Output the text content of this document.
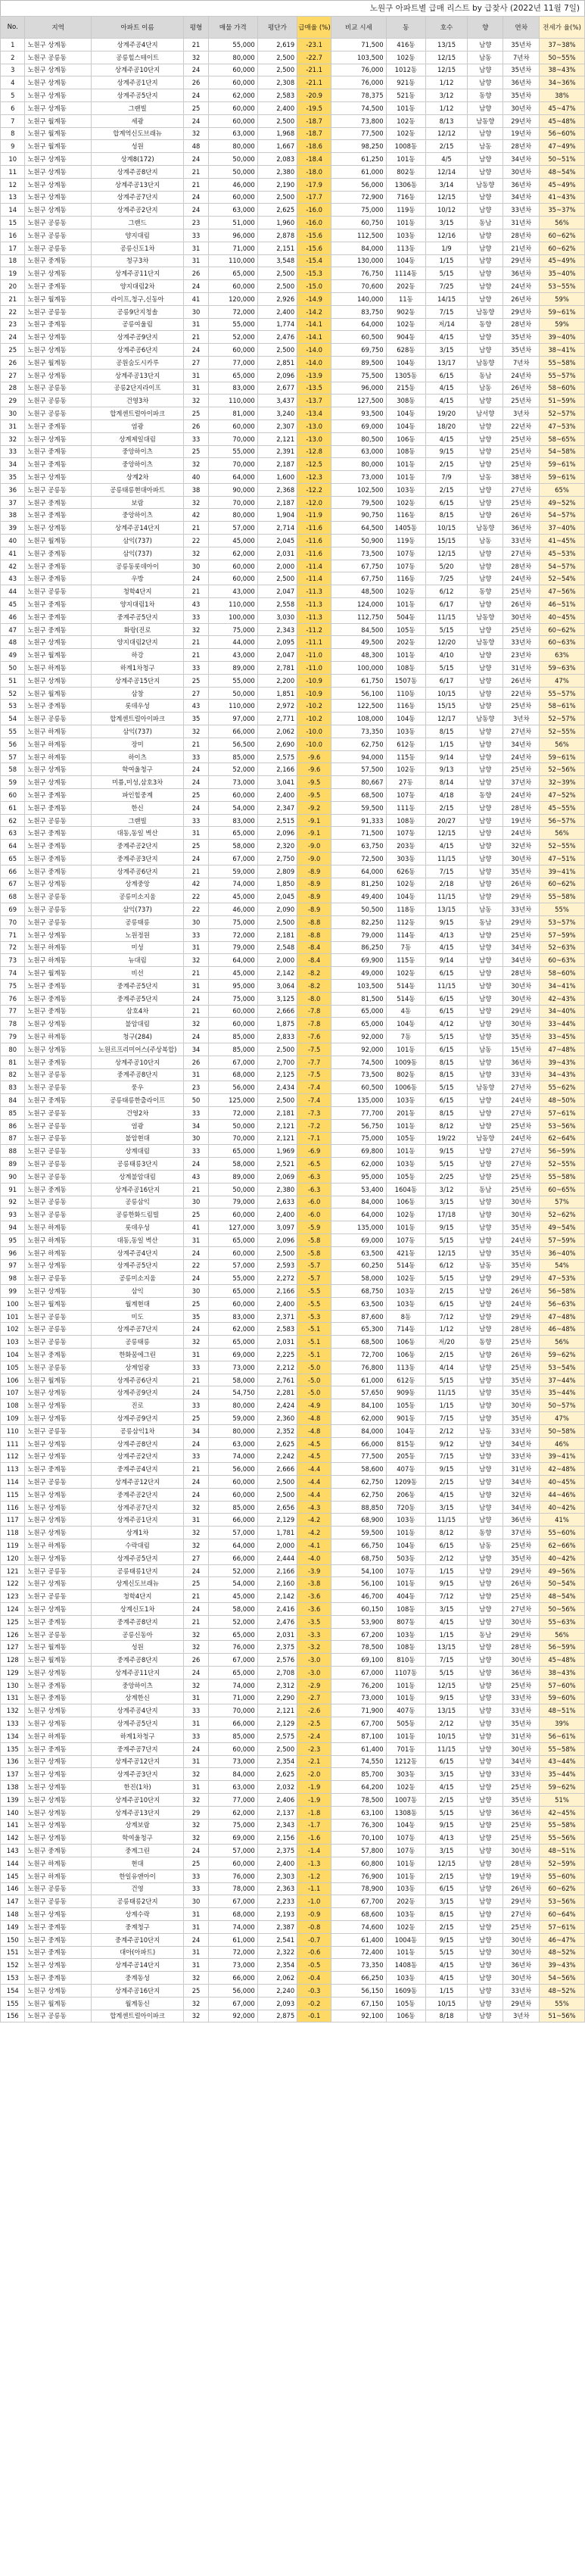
노원구 아파트별 급매 리스트 by 급찾사 (2022년 11월 7일)
No.	지역	아파트 이름	평형	매물 가격	평단가	급매율 (%)	비교 시세	동	호수	향	연차	전세가 율(%)
1	노원구 상계동	상계주공4단지	21	55,000	2,619	-23.1	71,500	416동	13/15	남향	35년차	37~38%
2	노원구 공릉동	공릉힐스테이트	32	80,000	2,500	-22.7	103,500	102동	12/15	남동	7년차	50~55%
3	노원구 상계동	상계주공10단지	24	60,000	2,500	-21.1	76,000	1012동	12/15	남향	35년차	38~43%
4	노원구 상계동	상계주공1단지	26	60,000	2,308	-21.1	76,000	921동	1/12	남향	36년차	34~36%
5	노원구 상계동	상계주공5단지	24	62,000	2,583	-20.9	78,375	521동	3/12	동향	35년차	38%
6	노원구 상계동	그랜빌	25	60,000	2,400	-19.5	74,500	101동	1/12	남향	30년차	45~47%
7	노원구 월계동	세광	24	60,000	2,500	-18.7	73,800	102동	8/13	남동향	29년차	45~48%
8	노원구 월계동	합계역신도브래뉴	32	63,000	1,968	-18.7	77,500	102동	12/12	남향	19년차	56~60%
9	노원구 월계동	성원	48	80,000	1,667	-18.6	98,250	1008동	2/15	남동	28년차	47~49%
10	노원구 상계동	상계8(172)	24	50,000	2,083	-18.4	61,250	101동	4/5	남향	34년차	50~51%
11	노원구 상계동	상계주공8단지	21	50,000	2,380	-18.0	61,000	802동	12/14	남향	30년차	48~54%
12	노원구 상계동	상계주공13단지	21	46,000	2,190	-17.9	56,000	1306동	3/14	남동향	36년차	45~49%
13	노원구 상계동	상계주공7단지	24	60,000	2,500	-17.7	72,900	716동	12/15	남향	34년차	41~43%
14	노원구 상계동	상계주공2단지	24	63,000	2,625	-16.0	75,000	119동	10/12	남향	33년차	35~37%
15	노원구 공릉동	그랜드	23	51,000	1,960	-16.0	60,750	101동	3/15	동남	31년차	56%
16	노원구 공릉동	양지대림	33	96,000	2,878	-15.6	112,500	103동	12/16	남향	28년차	60~62%
17	노원구 공릉동	공릉신도1차	31	71,000	2,151	-15.6	84,000	113동	1/9	남향	21년차	60~62%
18	노원구 중계동	청구3차	31	110,000	3,548	-15.4	130,000	104동	1/15	남향	29년차	45~49%
19	노원구 상계동	상계주공11단지	26	65,000	2,500	-15.3	76,750	1114동	5/15	남향	36년차	35~40%
20	노원구 중계동	양지대림2차	24	60,000	2,500	-15.0	70,600	202동	7/25	남향	24년차	53~55%
21	노원구 월계동	라이프,청구,신동아	41	120,000	2,926	-14.9	140,000	11동	14/15	남향	26년차	59%
22	노원구 공릉동	공릉9단지청솔	30	72,000	2,400	-14.2	83,750	902동	7/15	남동향	29년차	59~61%
23	노원구 중계동	공릉여울림	31	55,000	1,774	-14.1	64,000	102동	저/14	동향	28년차	59%
24	노원구 상계동	상계주공9단지	21	52,000	2,476	-14.1	60,500	904동	4/15	남향	35년차	39~40%
25	노원구 상계동	상계주공6단지	24	60,000	2,500	-14.0	69,750	628동	3/15	남향	35년차	38~41%
26	노원구 월계동	공원숨도시카루	27	77,000	2,851	-14.0	89,500	104동	13/17	남동향	7년차	55~58%
27	노원구 상계동	상계주공13단지	31	65,000	2,096	-13.9	75,500	1305동	6/15	동남	24년차	55~57%
28	노원구 공릉동	공릉2단지라이프	31	83,000	2,677	-13.5	96,000	215동	4/15	남동	26년차	58~60%
29	노원구 공릉동	건영3차	32	110,000	3,437	-13.7	127,500	308동	4/15	남향	25년차	51~59%
30	노원구 공릉동	합계센트럴아이파크	25	81,000	3,240	-13.4	93,500	104동	19/20	남서향	3년차	52~57%
31	노원구 중계동	염광	26	60,000	2,307	-13.0	69,000	104동	18/20	남향	22년차	47~53%
32	노원구 상계동	상계제일대림	33	70,000	2,121	-13.0	80,500	106동	4/15	남향	25년차	58~65%
33	노원구 중계동	중앙하이츠	25	55,000	2,391	-12.8	63,000	108동	9/15	남향	25년차	54~58%
34	노원구 중계동	중앙하이츠	32	70,000	2,187	-12.5	80,000	101동	2/15	남향	25년차	59~61%
35	노원구 상계동	상계2차	40	64,000	1,600	-12.3	73,000	101동	7/9	남동	38년차	59~61%
36	노원구 공릉동	공릉태릉현대아파트	38	90,000	2,368	-12.2	102,500	103동	2/15	남향	27년차	65%
37	노원구 중계동	보람	32	70,000	2,187	-12.0	79,500	102동	6/15	남향	25년차	49~52%
38	노원구 중계동	중앙하이츠	42	80,000	1,904	-11.9	90,750	116동	8/15	남향	26년차	54~57%
39	노원구 상계동	상계주공14단지	21	57,000	2,714	-11.6	64,500	1405동	10/15	남동향	36년차	37~40%
40	노원구 월계동	삼익(737)	22	45,000	2,045	-11.6	50,900	119동	15/15	남동	33년차	41~45%
41	노원구 중계동	삼익(737)	32	62,000	2,031	-11.6	73,500	107동	12/15	남향	27년차	45~53%
42	노원구 중계동	공릉동롯데아이	30	60,000	2,000	-11.4	67,750	107동	5/20	남향	28년차	54~57%
43	노원구 중계동	우방	24	60,000	2,500	-11.4	67,750	116동	7/25	남향	24년차	52~54%
44	노원구 공릉동	청학4단지	21	43,000	2,047	-11.3	48,500	102동	6/12	동향	25년차	47~56%
45	노원구 중계동	양지대림1차	43	110,000	2,558	-11.3	124,000	101동	6/17	남향	26년차	46~51%
46	노원구 중계동	중계주공5단지	33	100,000	3,030	-11.3	112,750	504동	11/15	남동향	30년차	40~45%
47	노원구 중계동	화랑(진로	32	75,000	2,343	-11.2	84,500	105동	5/15	남향	25년차	60~62%
48	노원구 상계동	양지대림2단지	21	44,000	2,095	-11.1	49,500	202동	12/20	남동향	33년차	60~63%
49	노원구 월계동	하강	21	43,000	2,047	-11.0	48,300	101동	4/10	남향	23년차	63%
50	노원구 하계동	하계1차청구	33	89,000	2,781	-11.0	100,000	108동	5/15	남향	31년차	59~63%
51	노원구 상계동	상계주공15단지	25	55,000	2,200	-10.9	61,750	1507동	6/17	남향	26년차	47%
52	노원구 월계동	삼창	27	50,000	1,851	-10.9	56,100	110동	10/15	남향	22년차	55~57%
53	노원구 중계동	롯데우성	43	110,000	2,972	-10.2	122,500	116동	15/15	남향	25년차	58~61%
54	노원구 공릉동	합계센트럴아이파크	35	97,000	2,771	-10.2	108,000	104동	12/17	남동향	3년차	52~57%
55	노원구 하계동	삼익(737)	32	66,000	2,062	-10.0	73,350	103동	8/15	남향	27년차	52~55%
56	노원구 하계동	장미	21	56,500	2,690	-10.0	62,750	612동	1/15	남향	34년차	56%
57	노원구 하계동	하이츠	33	85,000	2,575	-9.6	94,000	115동	9/14	남향	24년차	59~61%
58	노원구 상계동	학여울청구	24	52,000	2,166	-9.6	57,500	102동	9/13	남향	25년차	52~56%
59	노원구 상계동	미륭,미성,삼호3차	24	73,000	3,041	-9.5	80,667	27동	8/14	남향	37년차	32~39%
60	노원구 중계동	파인힐중계	25	60,000	2,400	-9.5	68,500	107동	4/18	동향	24년차	47~52%
61	노원구 중계동	한신	24	54,000	2,347	-9.2	59,500	111동	2/15	남향	28년차	45~55%
62	노원구 공릉동	그랜빌	33	83,000	2,515	-9.1	91,333	108동	20/27	남향	19년차	56~57%
63	노원구 중계동	대동,동일 벽산	31	65,000	2,096	-9.1	71,500	107동	12/15	남향	24년차	56%
64	노원구 중계동	중계주공2단지	25	58,000	2,320	-9.0	63,750	203동	4/15	남향	32년차	52~55%
65	노원구 중계동	중계주공3단지	24	67,000	2,750	-9.0	72,500	303동	11/15	남향	30년차	47~51%
66	노원구 중계동	상계주공6단지	21	59,000	2,809	-8.9	64,000	626동	7/15	남향	35년차	39~41%
67	노원구 상계동	상계중앙	42	74,000	1,850	-8.9	81,250	102동	2/18	남향	26년차	60~62%
68	노원구 공릉동	공릉미소지움	22	45,000	2,045	-8.9	49,400	104동	11/15	남향	29년차	55~58%
69	노원구 공릉동	삼익(737)	22	46,000	2,090	-8.9	50,500	118동	13/15	남동	33년차	55%
70	노원구 공릉동	공릉태릉	30	75,000	2,500	-8.8	82,250	112동	9/15	동남	29년차	53~57%
71	노원구 상계동	노원정원	33	72,000	2,181	-8.8	79,000	114동	4/13	남향	25년차	57~59%
72	노원구 하계동	미성	31	79,000	2,548	-8.4	86,250	7동	4/15	남향	34년차	52~63%
73	노원구 하계동	뉴대림	32	64,000	2,000	-8.4	69,900	115동	9/14	남향	34년차	60~63%
74	노원구 월계동	비선	21	45,000	2,142	-8.2	49,000	102동	6/15	남향	28년차	58~60%
75	노원구 중계동	중계주공5단지	31	95,000	3,064	-8.2	103,500	514동	11/15	남향	30년차	34~41%
76	노원구 중계동	중계주공5단지	24	75,000	3,125	-8.0	81,500	514동	6/15	남향	30년차	42~43%
77	노원구 중계동	삼호4차	21	60,000	2,666	-7.8	65,000	4동	6/15	남향	29년차	34~40%
78	노원구 상계동	불암대림	32	60,000	1,875	-7.8	65,000	104동	4/12	남향	30년차	33~44%
79	노원구 하계동	청구(284)	24	85,000	2,833	-7.6	92,000	7동	5/15	남향	35년차	33~45%
80	노원구 상계동	노원르프리미어스(주상복합)	34	85,000	2,500	-7.5	92,000	101동	6/15	남동	15년차	47~48%
81	노원구 중계동	상계주공10단지	26	67,000	2,700	-7.7	74,500	1009동	8/15	남향	36년차	39~43%
82	노원구 공릉동	중계주공8단지	31	68,000	2,125	-7.5	73,500	802동	8/15	남향	33년차	34~43%
83	노원구 공릉동	풍우	23	56,000	2,434	-7.4	60,500	1006동	5/15	남동향	27년차	55~62%
84	노원구 중계동	공릉태릉한출라이프	50	125,000	2,500	-7.4	135,000	103동	6/15	남향	24년차	48~50%
85	노원구 공릉동	건영2차	33	72,000	2,181	-7.3	77,700	201동	8/15	남향	27년차	57~61%
86	노원구 공릉동	염광	34	50,000	2,121	-7.2	56,750	101동	8/12	남향	25년차	53~56%
87	노원구 공릉동	불암현대	30	70,000	2,121	-7.1	75,000	105동	19/22	남동향	24년차	62~64%
88	노원구 공릉동	상계대림	33	65,000	1,969	-6.9	69,800	101동	9/15	남향	27년차	56~59%
89	노원구 공릉동	공릉태릉3단지	24	58,000	2,521	-6.5	62,000	103동	5/15	남향	27년차	52~55%
90	노원구 공릉동	상계불암대림	43	89,000	2,069	-6.3	95,000	105동	2/25	남향	25년차	55~58%
91	노원구 중계동	상계주공16단지	21	50,000	2,380	-6.3	53,400	1604동	3/12	동남	25년차	60~65%
92	노원구 공릉동	공릉삼익	30	79,000	2,633	-6.0	84,000	106동	3/15	남향	30년차	57%
93	노원구 공릉동	공릉한화드림빌	25	60,000	2,400	-6.0	64,000	102동	17/18	남향	30년차	52~62%
94	노원구 하계동	롯데우성	41	127,000	3,097	-5.9	135,000	101동	9/15	남향	35년차	49~54%
95	노원구 하계동	대동,동일 벽산	31	65,000	2,096	-5.8	69,000	107동	5/15	남향	24년차	57~59%
96	노원구 하계동	상계주공4단지	24	60,000	2,500	-5.8	63,500	421동	12/15	남향	35년차	36~40%
97	노원구 상계동	상계주공5단지	22	57,000	2,593	-5.7	60,250	514동	6/12	남동	35년차	54%
98	노원구 공릉동	공릉미소지움	24	55,000	2,272	-5.7	58,000	102동	5/15	남향	29년차	47~53%
99	노원구 상계동	삼익	30	65,000	2,166	-5.5	68,750	103동	2/15	남향	26년차	56~58%
100	노원구 월계동	월계현대	25	60,000	2,400	-5.5	63,500	103동	6/15	남향	24년차	56~63%
101	노원구 공릉동	미도	35	83,000	2,371	-5.3	87,600	8동	7/12	남향	29년차	47~48%
102	노원구 공릉동	상계주공7단지	24	62,000	2,583	-5.1	65,300	714동	1/12	남향	28년차	46~48%
103	노원구 공릉동	공릉태릉	32	65,000	2,031	-5.1	68,500	106동	저/20	동향	25년차	56%
104	노원구 중계동	한화꿈에그린	31	69,000	2,225	-5.1	72,700	106동	2/15	남향	26년차	59~62%
105	노원구 공릉동	상계엄광	33	73,000	2,212	-5.0	76,800	113동	4/14	남향	25년차	53~54%
106	노원구 월계동	상계주공6단지	21	58,000	2,761	-5.0	61,000	612동	5/15	남향	35년차	37~44%
107	노원구 상계동	상계주공9단지	24	54,750	2,281	-5.0	57,650	909동	11/15	남향	35년차	35~44%
108	노원구 상계동	진로	33	80,000	2,424	-4.9	84,100	105동	1/15	남향	30년차	50~57%
109	노원구 상계동	상계주공9단지	25	59,000	2,360	-4.8	62,000	901동	7/15	남향	35년차	47%
110	노원구 공릉동	공릉삼익1차	34	80,000	2,352	-4.8	84,000	104동	2/12	남동	33년차	50~58%
111	노원구 상계동	상계주공8단지	24	63,000	2,625	-4.5	66,000	815동	9/12	남향	34년차	46%
112	노원구 상계동	상계주공2단지	33	74,000	2,242	-4.5	77,500	205동	7/15	남향	33년차	39~41%
113	노원구 중계동	중계주공4단지	21	56,000	2,666	-4.4	58,600	407동	9/15	남향	31년차	42~48%
114	노원구 공릉동	상계주공12단지	24	60,000	2,500	-4.4	62,750	1209동	2/15	남향	34년차	40~45%
115	노원구 상계동	중계주공2단지	24	60,000	2,500	-4.4	62,750	206동	4/15	남향	32년차	44~46%
116	노원구 상계동	상계주공7단지	32	85,000	2,656	-4.3	88,850	720동	3/15	남향	34년차	40~42%
117	노원구 상계동	상계주공1단지	31	66,000	2,129	-4.2	68,900	103동	11/15	남향	36년차	41%
118	노원구 상계동	상계1차	32	57,000	1,781	-4.2	59,500	101동	8/12	동향	37년차	55~60%
119	노원구 하계동	수락대림	32	64,000	2,000	-4.1	66,750	104동	6/15	남동	25년차	62~66%
120	노원구 상계동	상계주공5단지	27	66,000	2,444	-4.0	68,750	503동	2/12	남향	35년차	40~42%
121	노원구 공릉동	공릉태릉1단지	24	52,000	2,166	-3.9	54,100	107동	1/15	남향	29년차	49~56%
122	노원구 상계동	상계신도브래뉴	25	54,000	2,160	-3.8	56,100	101동	9/15	남향	26년차	50~54%
123	노원구 공릉동	청학4단지	21	45,000	2,142	-3.6	46,700	404동	7/12	남향	25년차	48~54%
124	노원구 상계동	상계신도1차	24	58,000	2,416	-3.6	60,150	108동	3/15	남향	27년차	50~56%
125	노원구 중계동	중계주공8단지	21	52,000	2,476	-3.5	53,900	807동	4/15	남향	30년차	55~63%
126	노원구 공릉동	공릉신동아	32	65,000	2,031	-3.3	67,200	103동	1/15	동남	29년차	56%
127	노원구 월계동	성원	32	76,000	2,375	-3.2	78,500	108동	13/15	남향	28년차	56~59%
128	노원구 월계동	중계주공8단지	26	67,000	2,576	-3.0	69,100	810동	7/15	남향	30년차	45~48%
129	노원구 상계동	상계주공11단지	24	65,000	2,708	-3.0	67,000	1107동	5/15	남향	36년차	38~43%
130	노원구 중계동	중앙하이츠	32	74,000	2,312	-2.9	76,200	101동	12/15	남향	25년차	57~60%
131	노원구 중계동	상계한신	31	71,000	2,290	-2.7	73,000	101동	9/15	남향	33년차	59~60%
132	노원구 상계동	상계주공4단지	33	70,000	2,121	-2.6	71,900	407동	13/15	남향	33년차	48~51%
133	노원구 상계동	상계주공5단지	31	66,000	2,129	-2.5	67,700	505동	2/12	남향	35년차	39%
134	노원구 하계동	하계1차청구	33	85,000	2,575	-2.4	87,100	101동	10/15	남향	31년차	56~61%
135	노원구 중계동	중계주공7단지	24	60,000	2,500	-2.3	61,400	701동	11/15	남향	30년차	55~58%
136	노원구 상계동	상계주공12단지	31	73,000	2,354	-2.1	74,550	1212동	6/15	남향	34년차	43~44%
137	노원구 상계동	상계주공3단지	32	84,000	2,625	-2.0	85,700	303동	3/15	남향	33년차	35~44%
138	노원구 상계동	한진(1차)	31	63,000	2,032	-1.9	64,200	102동	4/15	남향	25년차	59~62%
139	노원구 상계동	상계주공10단지	32	77,000	2,406	-1.9	78,500	1007동	2/15	남향	35년차	51%
140	노원구 상계동	상계주공13단지	29	62,000	2,137	-1.8	63,100	1308동	5/15	남향	36년차	42~45%
141	노원구 상계동	상계보람	32	75,000	2,343	-1.7	76,300	104동	9/15	남향	25년차	55~58%
142	노원구 상계동	학여울청구	32	69,000	2,156	-1.6	70,100	107동	4/13	남향	25년차	55~56%
143	노원구 중계동	중계그린	24	57,000	2,375	-1.4	57,800	107동	3/15	남향	30년차	48~51%
144	노원구 하계동	현대	25	60,000	2,400	-1.3	60,800	101동	12/15	남향	28년차	52~59%
145	노원구 하계동	한일유앤아이	33	76,000	2,303	-1.2	76,900	101동	2/15	남향	19년차	55~60%
146	노원구 공릉동	건영	33	78,000	2,363	-1.1	78,900	103동	6/15	남향	26년차	60~62%
147	노원구 공릉동	공릉태릉2단지	30	67,000	2,233	-1.0	67,700	202동	3/15	남향	29년차	53~56%
148	노원구 상계동	상계수락	31	68,000	2,193	-0.9	68,600	103동	8/15	남향	27년차	60~64%
149	노원구 중계동	중계청구	31	74,000	2,387	-0.8	74,600	102동	2/15	남향	25년차	57~61%
150	노원구 중계동	중계주공10단지	24	61,000	2,541	-0.7	61,400	1004동	9/15	남향	30년차	46~47%
151	노원구 중계동	대아(아파트)	31	72,000	2,322	-0.6	72,400	101동	5/15	남향	30년차	48~52%
152	노원구 상계동	상계주공14단지	31	73,000	2,354	-0.5	73,350	1408동	4/15	남향	36년차	39~43%
153	노원구 중계동	중계동성	32	66,000	2,062	-0.4	66,250	103동	4/15	남향	30년차	54~56%
154	노원구 상계동	상계주공16단지	25	56,000	2,240	-0.3	56,150	1609동	1/15	남향	33년차	48~52%
155	노원구 월계동	월계동신	32	67,000	2,093	-0.2	67,150	105동	10/15	남향	29년차	55%
156	노원구 공릉동	합계센트럴아이파크	32	92,000	2,875	-0.1	92,100	106동	8/18	남향	3년차	51~56%
